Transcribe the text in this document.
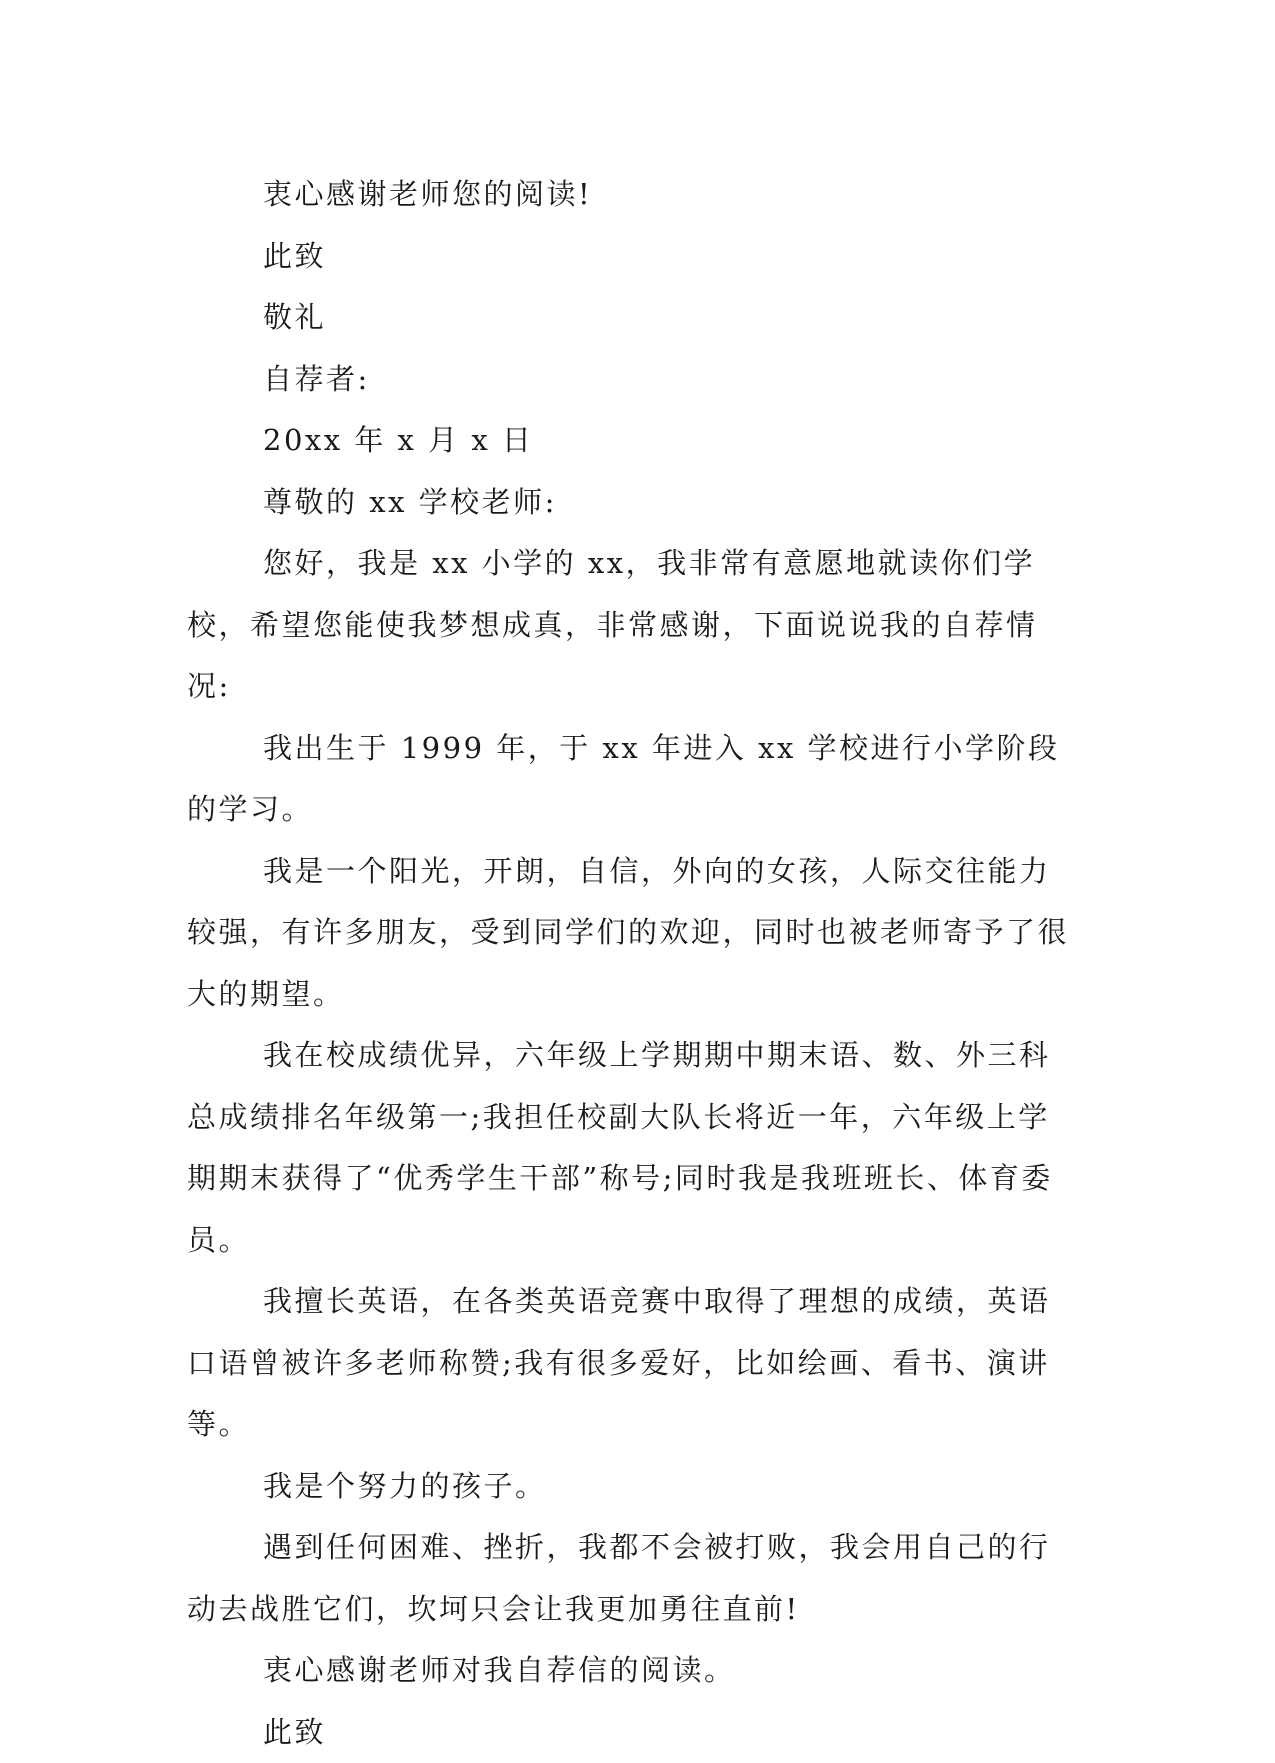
衷心感谢老师您的阅读!

此致

敬礼

自荐者:

20xx 年 x 月 x 日

尊敬的 xx 学校老师:

您好，我是 xx 小学的 xx，我非常有意愿地就读你们学校，希望您能使我梦想成真，非常感谢，下面说说我的自荐情况:

我出生于 1999 年，于 xx 年进入 xx 学校进行小学阶段的学习。

我是一个阳光，开朗，自信，外向的女孩，人际交往能力较强，有许多朋友，受到同学们的欢迎，同时也被老师寄予了很大的期望。

我在校成绩优异，六年级上学期期中期末语、数、外三科总成绩排名年级第一;我担任校副大队长将近一年，六年级上学期期末获得了“优秀学生干部”称号;同时我是我班班长、体育委员。

我擅长英语，在各类英语竞赛中取得了理想的成绩，英语口语曾被许多老师称赞;我有很多爱好，比如绘画、看书、演讲等。

我是个努力的孩子。

遇到任何困难、挫折，我都不会被打败，我会用自己的行动去战胜它们，坎坷只会让我更加勇往直前!

衷心感谢老师对我自荐信的阅读。

此致
